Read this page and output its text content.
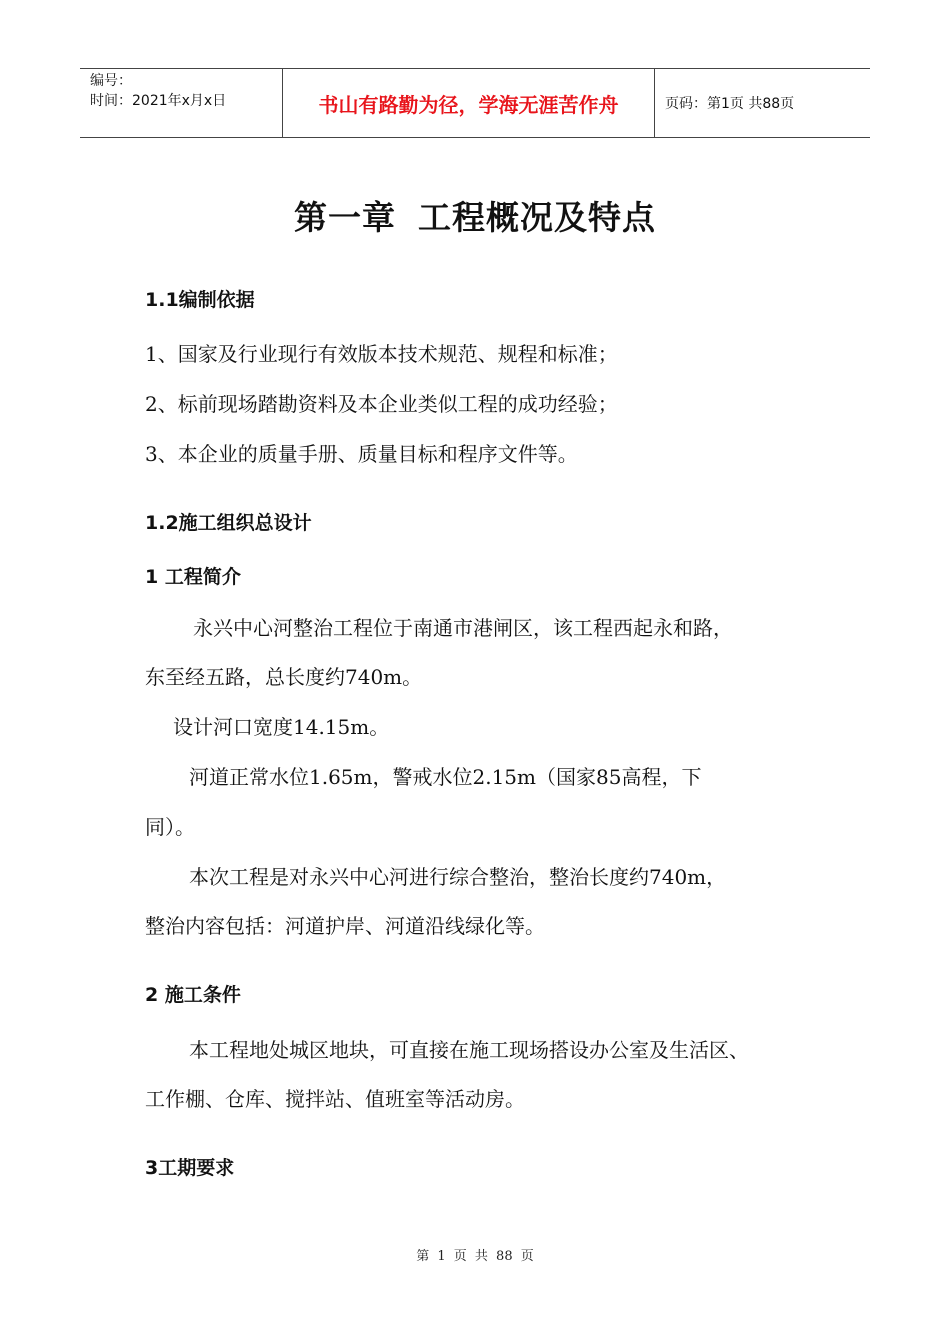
编号：
时间：2021年x月x日	书山有路勤为径，学海无涯苦作舟	页码：第1页 共88页
第一章 工程概况及特点
1.1编制依据
1、国家及行业现行有效版本技术规范、规程和标准；
2、标前现场踏勘资料及本企业类似工程的成功经验；
3、本企业的质量手册、质量目标和程序文件等。
1.2施工组织总设计
1 工程简介
永兴中心河整治工程位于南通市港闸区，该工程西起永和路，
东至经五路，总长度约740m。
设计河口宽度14.15m。
河道正常水位1.65m，警戒水位2.15m（国家85高程，下
同）。
本次工程是对永兴中心河进行综合整治，整治长度约740m，
整治内容包括：河道护岸、河道沿线绿化等。
2 施工条件
本工程地处城区地块，可直接在施工现场搭设办公室及生活区、
工作棚、仓库、搅拌站、值班室等活动房。
3工期要求
第 1 页 共 88 页
